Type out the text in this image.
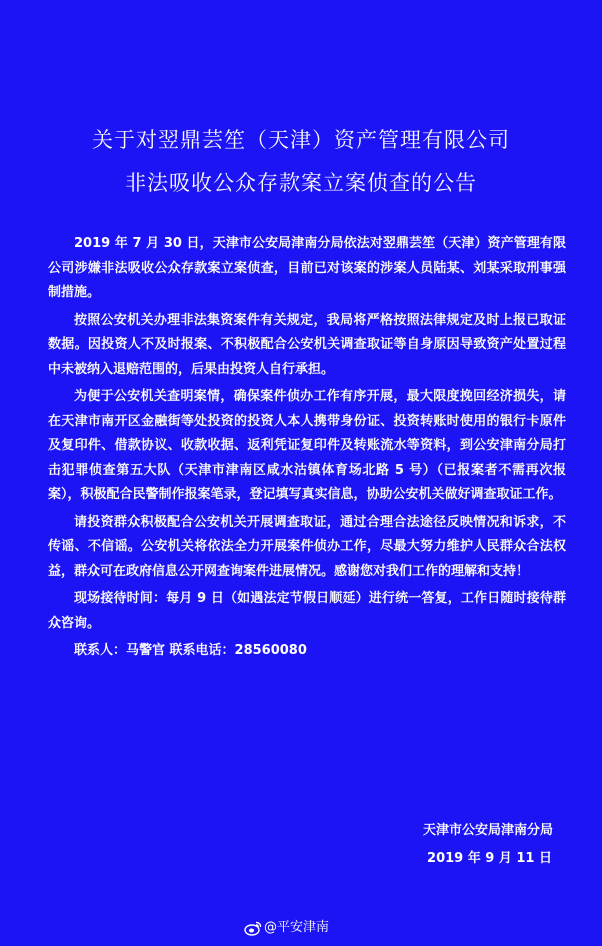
关于对翌鼎芸笙（天津）资产管理有限公司
非法吸收公众存款案立案侦查的公告

2019 年 7 月 30 日，天津市公安局津南分局依法对翌鼎芸笙（天津）资产管理有限公司涉嫌非法吸收公众存款案立案侦查，目前已对该案的涉案人员陆某、刘某采取刑事强制措施。

按照公安机关办理非法集资案件有关规定，我局将严格按照法律规定及时上报已取证数据。因投资人不及时报案、不积极配合公安机关调查取证等自身原因导致资产处置过程中未被纳入退赔范围的，后果由投资人自行承担。

为便于公安机关查明案情，确保案件侦办工作有序开展，最大限度挽回经济损失，请在天津市南开区金融街等处投资的投资人本人携带身份证、投资转账时使用的银行卡原件及复印件、借款协议、收款收据、返利凭证复印件及转账流水等资料，到公安津南分局打击犯罪侦查第五大队（天津市津南区咸水沽镇体育场北路 5 号）（已报案者不需再次报案），积极配合民警制作报案笔录，登记填写真实信息，协助公安机关做好调查取证工作。

请投资群众积极配合公安机关开展调查取证，通过合理合法途径反映情况和诉求，不传谣、不信谣。公安机关将依法全力开展案件侦办工作，尽最大努力维护人民群众合法权益，群众可在政府信息公开网查询案件进展情况。感谢您对我们工作的理解和支持！

现场接待时间：每月 9 日（如遇法定节假日顺延）进行统一答复，工作日随时接待群众咨询。

联系人：马警官 联系电话：28560080

天津市公安局津南分局
2019 年 9 月 11 日
@平安津南
